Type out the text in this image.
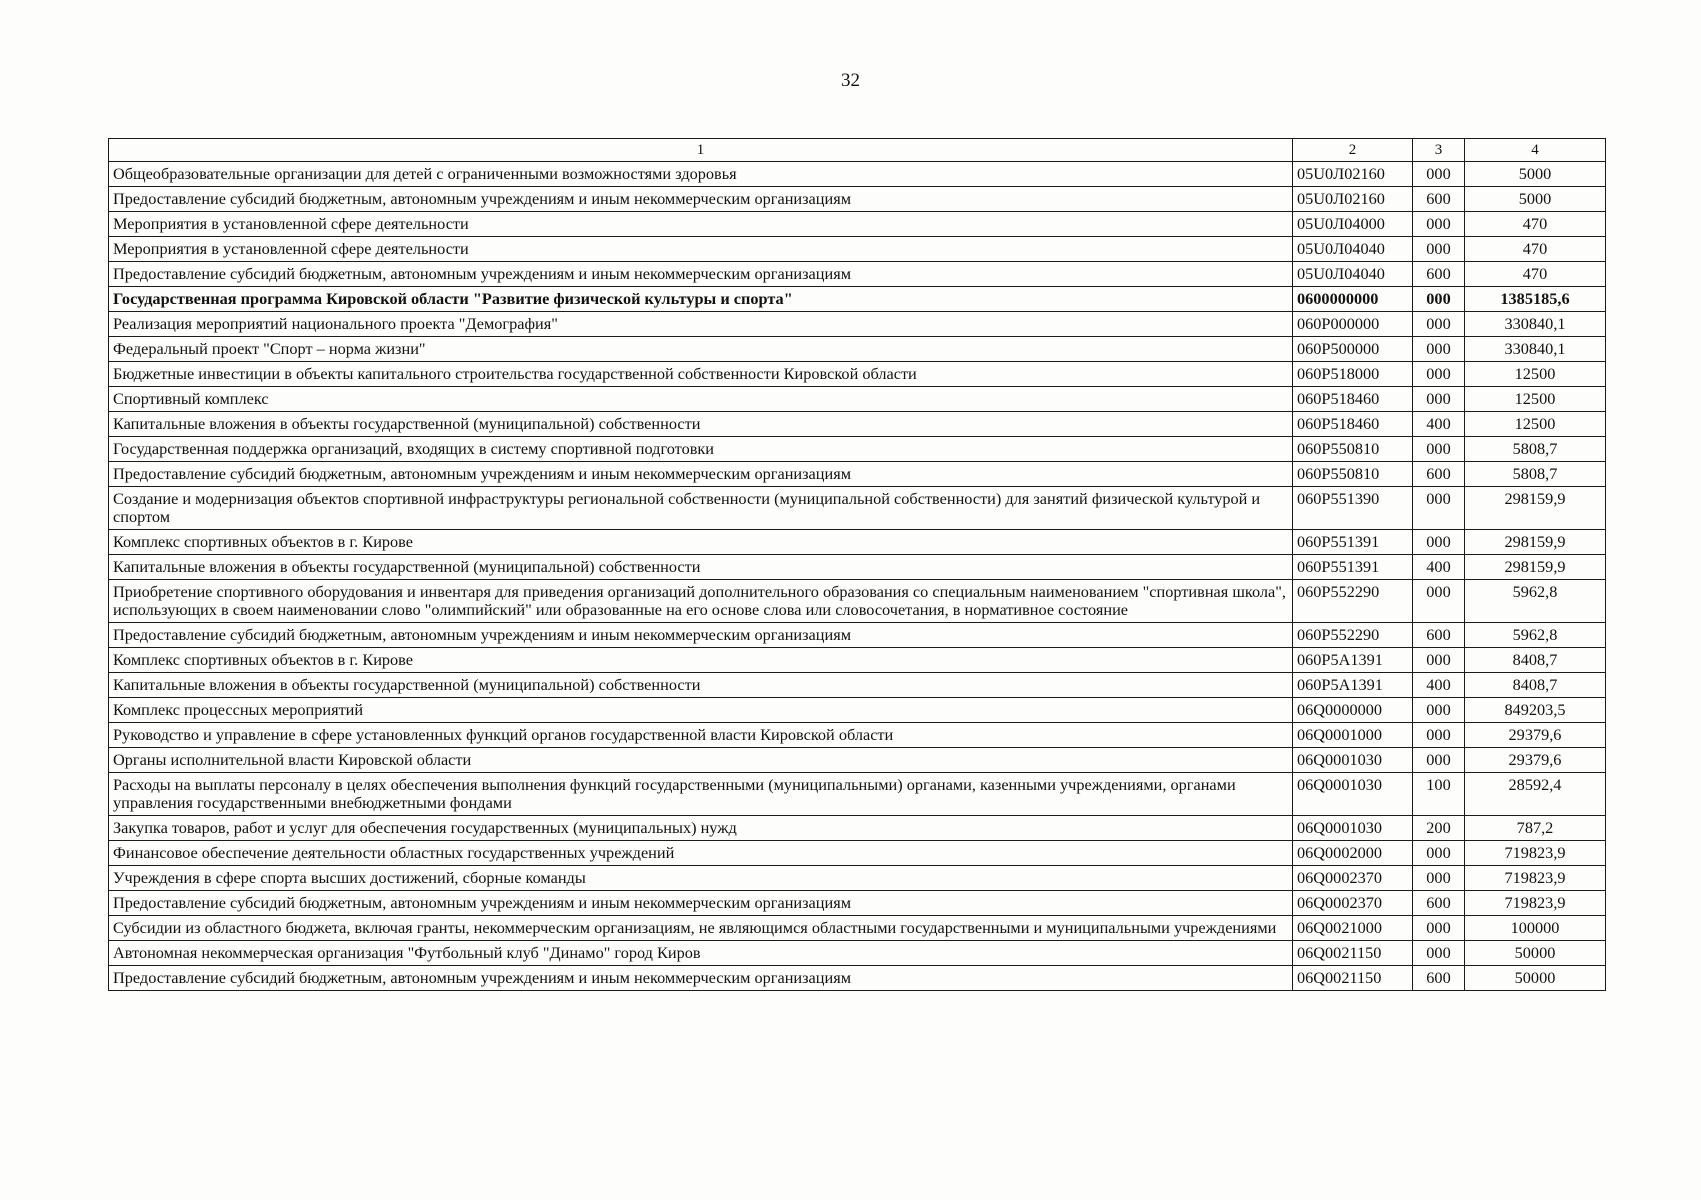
32
1	2	3	4
Общеобразовательные организации для детей с ограниченными возможностями здоровья	05U0Л02160	000	5000
Предоставление субсидий бюджетным, автономным учреждениям и иным некоммерческим организациям	05U0Л02160	600	5000
Мероприятия в установленной сфере деятельности	05U0Л04000	000	470
Мероприятия в установленной сфере деятельности	05U0Л04040	000	470
Предоставление субсидий бюджетным, автономным учреждениям и иным некоммерческим организациям	05U0Л04040	600	470
Государственная программа Кировской области "Развитие физической культуры и спорта"	0600000000	000	1385185,6
Реализация мероприятий национального проекта "Демография"	060P000000	000	330840,1
Федеральный проект "Спорт – норма жизни"	060P500000	000	330840,1
Бюджетные инвестиции в объекты капитального строительства государственной собственности Кировской области	060P518000	000	12500
Спортивный комплекс	060P518460	000	12500
Капитальные вложения в объекты государственной (муниципальной) собственности	060P518460	400	12500
Государственная поддержка организаций, входящих в систему спортивной подготовки	060P550810	000	5808,7
Предоставление субсидий бюджетным, автономным учреждениям и иным некоммерческим организациям	060P550810	600	5808,7
Создание и модернизация объектов спортивной инфраструктуры региональной собственности (муниципальной собственности) для занятий физической культурой и спортом	060P551390	000	298159,9
Комплекс спортивных объектов в г. Кирове	060P551391	000	298159,9
Капитальные вложения в объекты государственной (муниципальной) собственности	060P551391	400	298159,9
Приобретение спортивного оборудования и инвентаря для приведения организаций дополнительного образования со специальным наименованием "спортивная школа", использующих в своем наименовании слово "олимпийский" или образованные на его основе слова или словосочетания, в нормативное состояние	060P552290	000	5962,8
Предоставление субсидий бюджетным, автономным учреждениям и иным некоммерческим организациям	060P552290	600	5962,8
Комплекс спортивных объектов в г. Кирове	060P5A1391	000	8408,7
Капитальные вложения в объекты государственной (муниципальной) собственности	060P5A1391	400	8408,7
Комплекс процессных мероприятий	06Q0000000	000	849203,5
Руководство и управление в сфере установленных функций органов государственной власти Кировской области	06Q0001000	000	29379,6
Органы исполнительной власти Кировской области	06Q0001030	000	29379,6
Расходы на выплаты персоналу в целях обеспечения выполнения функций государственными (муниципальными) органами, казенными учреждениями, органами управления государственными внебюджетными фондами	06Q0001030	100	28592,4
Закупка товаров, работ и услуг для обеспечения государственных (муниципальных) нужд	06Q0001030	200	787,2
Финансовое обеспечение деятельности областных государственных учреждений	06Q0002000	000	719823,9
Учреждения в сфере спорта высших достижений, сборные команды	06Q0002370	000	719823,9
Предоставление субсидий бюджетным, автономным учреждениям и иным некоммерческим организациям	06Q0002370	600	719823,9
Субсидии из областного бюджета, включая гранты, некоммерческим организациям, не являющимся областными государственными и муниципальными учреждениями	06Q0021000	000	100000
Автономная некоммерческая организация "Футбольный клуб "Динамо" город Киров	06Q0021150	000	50000
Предоставление субсидий бюджетным, автономным учреждениям и иным некоммерческим организациям	06Q0021150	600	50000
